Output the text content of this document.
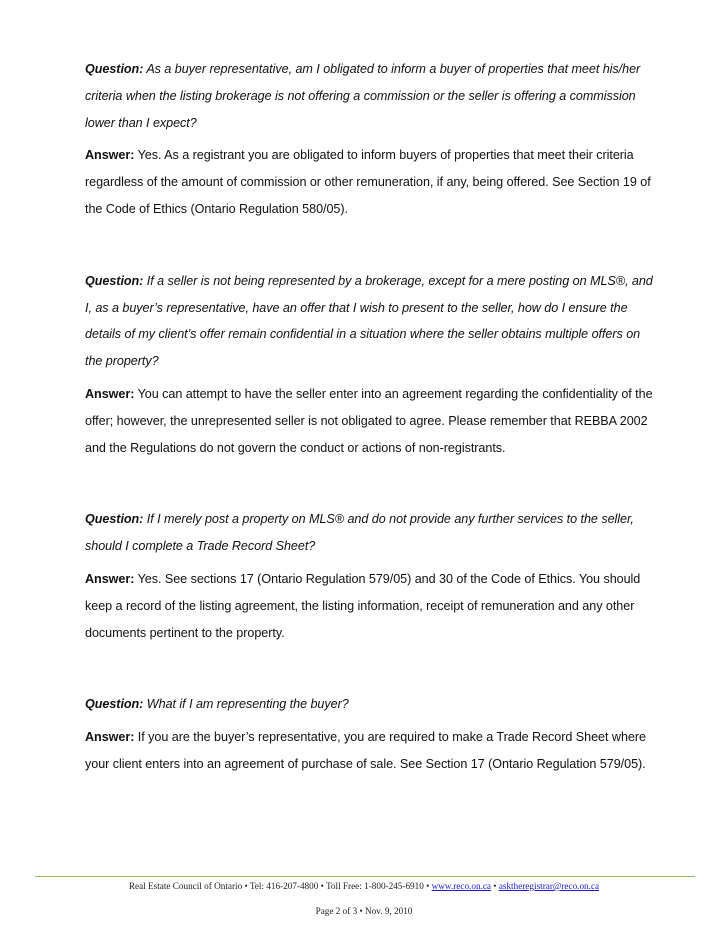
Question: As a buyer representative, am I obligated to inform a buyer of properties that meet his/her criteria when the listing brokerage is not offering a commission or the seller is offering a commission lower than I expect?

Answer: Yes. As a registrant you are obligated to inform buyers of properties that meet their criteria regardless of the amount of commission or other remuneration, if any, being offered. See Section 19 of the Code of Ethics (Ontario Regulation 580/05).

Question: If a seller is not being represented by a brokerage, except for a mere posting on MLS®, and I, as a buyer’s representative, have an offer that I wish to present to the seller, how do I ensure the details of my client’s offer remain confidential in a situation where the seller obtains multiple offers on the property?

Answer: You can attempt to have the seller enter into an agreement regarding the confidentiality of the offer; however, the unrepresented seller is not obligated to agree. Please remember that REBBA 2002 and the Regulations do not govern the conduct or actions of non-registrants.

Question: If I merely post a property on MLS® and do not provide any further services to the seller, should I complete a Trade Record Sheet?

Answer: Yes. See sections 17 (Ontario Regulation 579/05) and 30 of the Code of Ethics. You should keep a record of the listing agreement, the listing information, receipt of remuneration and any other documents pertinent to the property.

Question: What if I am representing the buyer?

Answer: If you are the buyer’s representative, you are required to make a Trade Record Sheet where your client enters into an agreement of purchase of sale. See Section 17 (Ontario Regulation 579/05).

Real Estate Council of Ontario • Tel: 416-207-4800 • Toll Free: 1-800-245-6910 • www.reco.on.ca • asktheregistrar@reco.on.ca
Page 2 of 3 • Nov. 9, 2010
